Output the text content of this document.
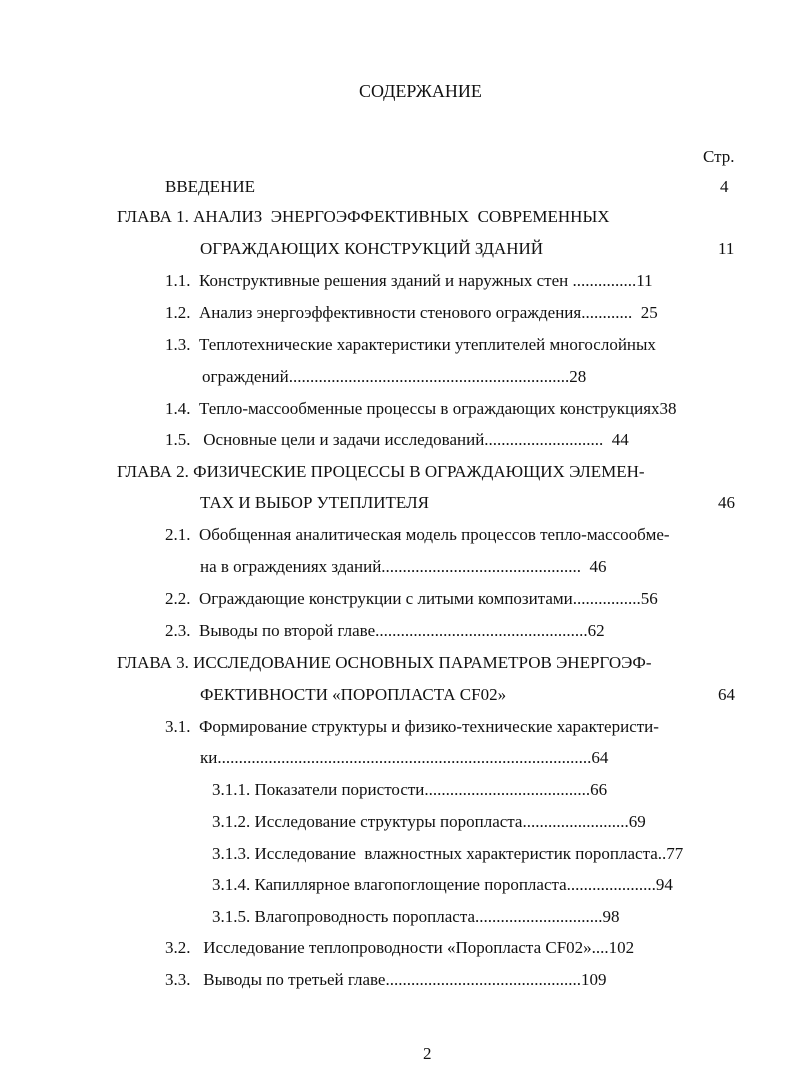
СОДЕРЖАНИЕ
Стр.
ВВЕДЕНИЕ	4
ГЛАВА 1. АНАЛИЗ  ЭНЕРГОЭФФЕКТИВНЫХ  СОВРЕМЕННЫХ
ОГРАЖДАЮЩИХ КОНСТРУКЦИЙ ЗДАНИЙ	11
1.1.  Конструктивные решения зданий и наружных стен ...............11
1.2.  Анализ энергоэффективности стенового ограждения............  25
1.3.  Теплотехнические характеристики утеплителей многослойных
ограждений..................................................................28
1.4.  Тепло-массообменные процессы в ограждающих конструкциях38
1.5.   Основные цели и задачи исследований............................  44
ГЛАВА 2. ФИЗИЧЕСКИЕ ПРОЦЕССЫ В ОГРАЖДАЮЩИХ ЭЛЕМЕН-
ТАХ И ВЫБОР УТЕПЛИТЕЛЯ	46
2.1.  Обобщенная аналитическая модель процессов тепло-массообме-
на в ограждениях зданий...............................................  46
2.2.  Ограждающие конструкции с литыми композитами................56
2.3.  Выводы по второй главе..................................................62
ГЛАВА 3. ИССЛЕДОВАНИЕ ОСНОВНЫХ ПАРАМЕТРОВ ЭНЕРГОЭФ-
ФЕКТИВНОСТИ «ПОРОПЛАСТА CF02»	64
3.1.  Формирование структуры и физико-технические характеристи-
ки........................................................................................64
3.1.1. Показатели пористости.......................................66
3.1.2. Исследование структуры поропласта.........................69
3.1.3. Исследование  влажностных характеристик поропласта..77
3.1.4. Капиллярное влагопоглощение поропласта.....................94
3.1.5. Влагопроводность поропласта..............................98
3.2.   Исследование теплопроводности «Поропласта CF02»....102
3.3.   Выводы по третьей главе..............................................109
2
